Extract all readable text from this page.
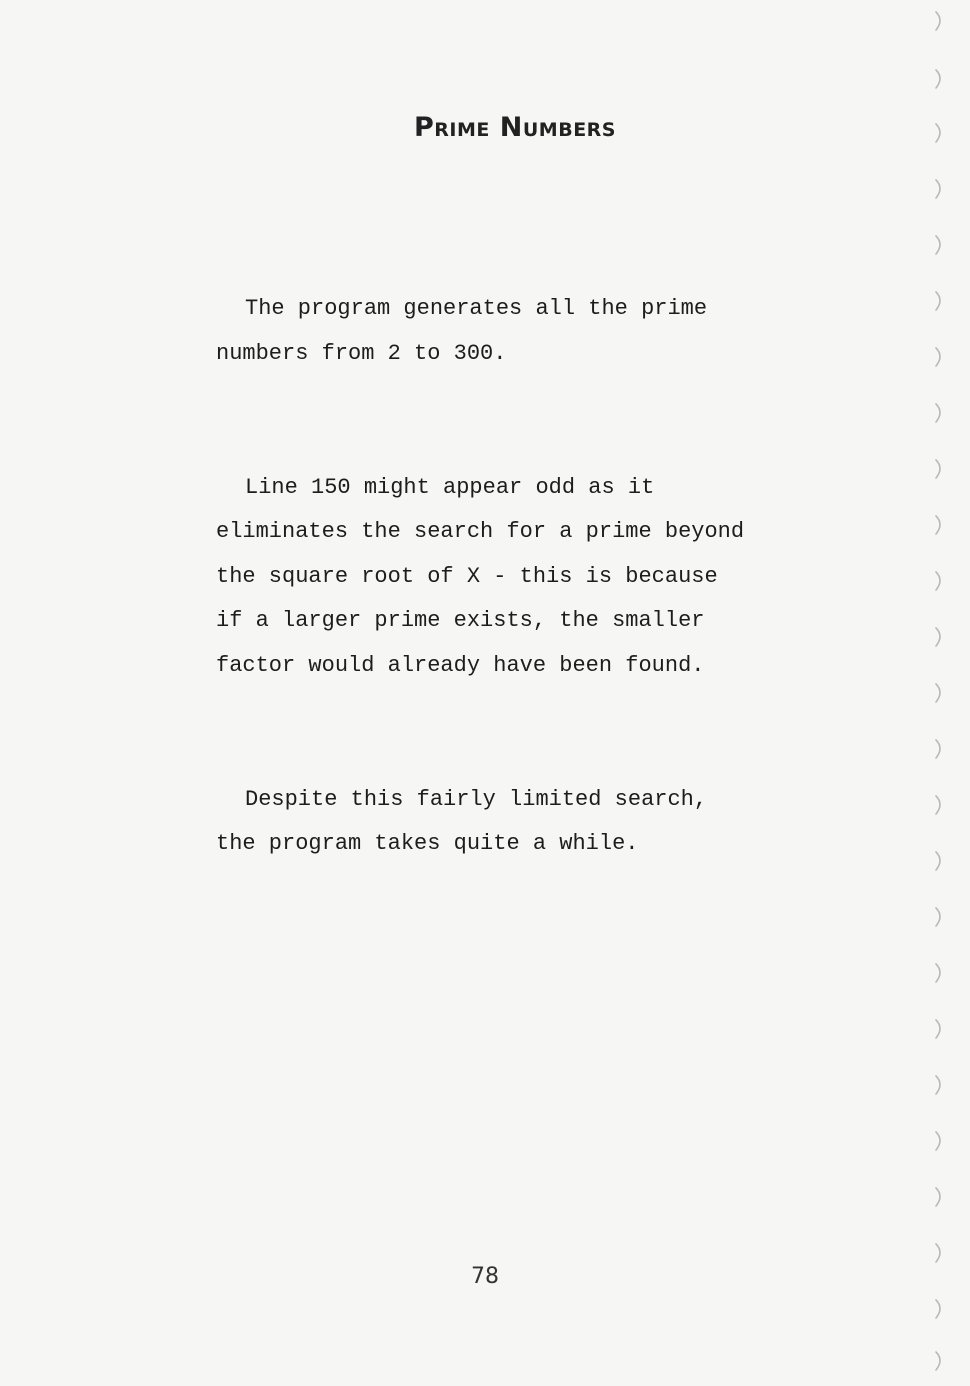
Prime Numbers

The program generates all the prime
numbers from 2 to 300.

Line 150 might appear odd as it
eliminates the search for a prime beyond
the square root of X - this is because
if a larger prime exists, the smaller
factor would already have been found.

Despite this fairly limited search,
the program takes quite a while.

78
